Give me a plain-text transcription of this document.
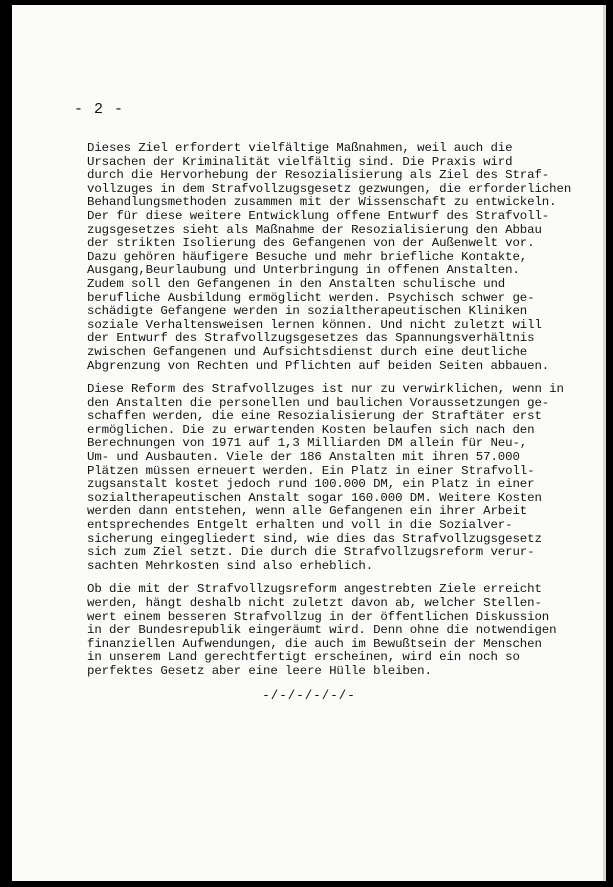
- 2 -

Dieses Ziel erfordert vielfältige Maßnahmen, weil auch die
Ursachen der Kriminalität vielfältig sind. Die Praxis wird
durch die Hervorhebung der Resozialisierung als Ziel des Straf-
vollzuges in dem Strafvollzugsgesetz gezwungen, die erforderlichen
Behandlungsmethoden zusammen mit der Wissenschaft zu entwickeln.
Der für diese weitere Entwicklung offene Entwurf des Strafvoll-
zugsgesetzes sieht als Maßnahme der Resozialisierung den Abbau
der strikten Isolierung des Gefangenen von der Außenwelt vor.
Dazu gehören häufigere Besuche und mehr briefliche Kontakte,
Ausgang,Beurlaubung und Unterbringung in offenen Anstalten.
Zudem soll den Gefangenen in den Anstalten schulische und
berufliche Ausbildung ermöglicht werden. Psychisch schwer ge-
schädigte Gefangene werden in sozialtherapeutischen Kliniken
soziale Verhaltensweisen lernen können. Und nicht zuletzt will
der Entwurf des Strafvollzugsgesetzes das Spannungsverhältnis
zwischen Gefangenen und Aufsichtsdienst durch eine deutliche
Abgrenzung von Rechten und Pflichten auf beiden Seiten abbauen.

Diese Reform des Strafvollzuges ist nur zu verwirklichen, wenn in
den Anstalten die personellen und baulichen Voraussetzungen ge-
schaffen werden, die eine Resozialisierung der Straftäter erst
ermöglichen. Die zu erwartenden Kosten belaufen sich nach den
Berechnungen von 1971 auf 1,3 Milliarden DM allein für Neu-,
Um- und Ausbauten. Viele der 186 Anstalten mit ihren 57.000
Plätzen müssen erneuert werden. Ein Platz in einer Strafvoll-
zugsanstalt kostet jedoch rund 100.000 DM, ein Platz in einer
sozialtherapeutischen Anstalt sogar 160.000 DM. Weitere Kosten
werden dann entstehen, wenn alle Gefangenen ein ihrer Arbeit
entsprechendes Entgelt erhalten und voll in die Sozialver-
sicherung eingegliedert sind, wie dies das Strafvollzugsgesetz
sich zum Ziel setzt. Die durch die Strafvollzugsreform verur-
sachten Mehrkosten sind also erheblich.

Ob die mit der Strafvollzugsreform angestrebten Ziele erreicht
werden, hängt deshalb nicht zuletzt davon ab, welcher Stellen-
wert einem besseren Strafvollzug in der öffentlichen Diskussion
in der Bundesrepublik eingeräumt wird. Denn ohne die notwendigen
finanziellen Aufwendungen, die auch im Bewußtsein der Menschen
in unserem Land gerechtfertigt erscheinen, wird ein noch so
perfektes Gesetz aber eine leere Hülle bleiben.

-/-/-/-/-/-
